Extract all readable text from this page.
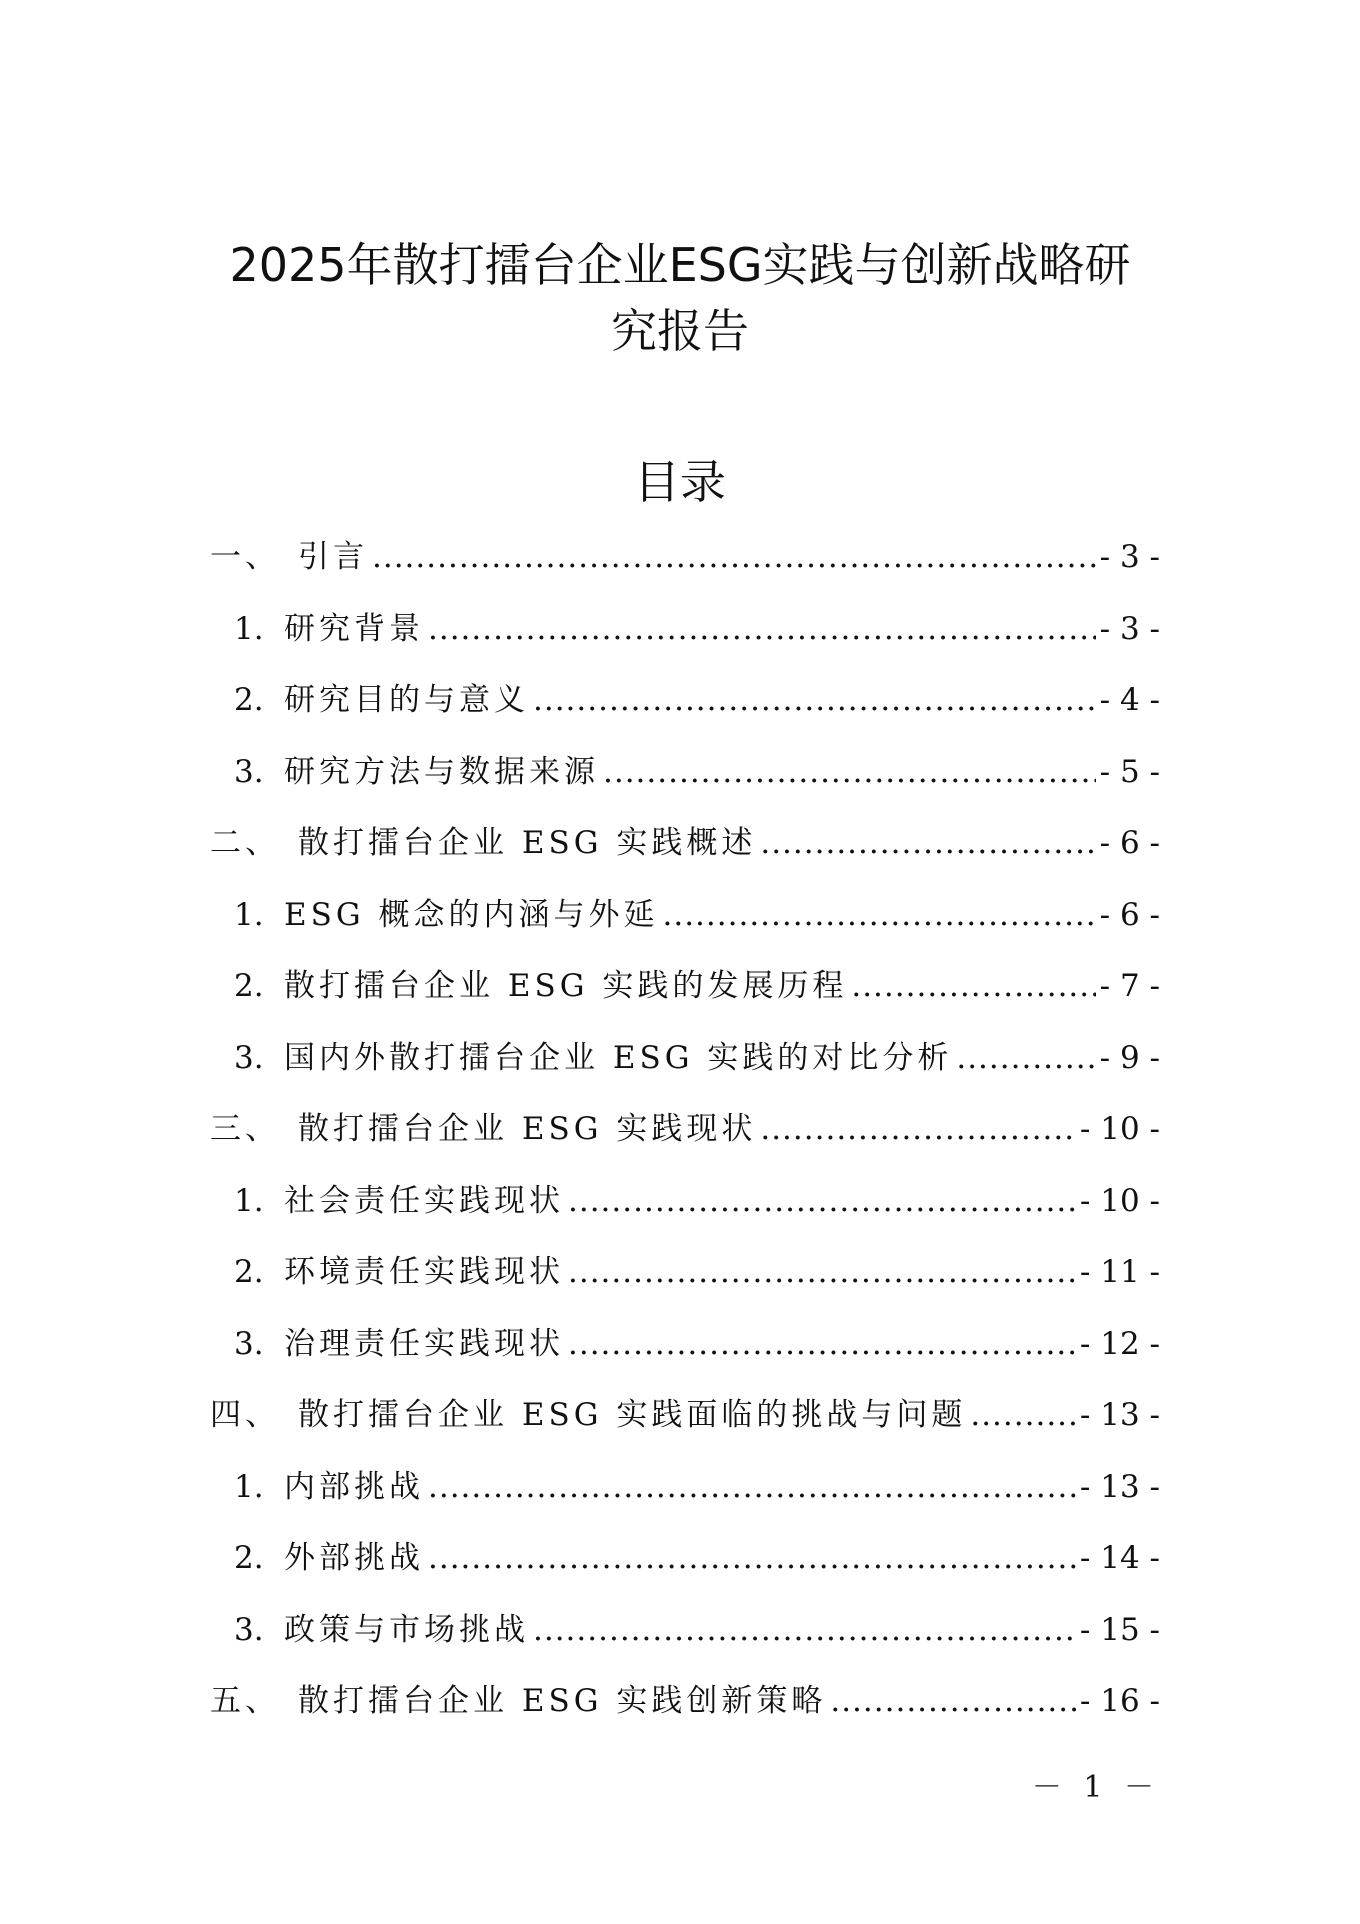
2025年散打擂台企业ESG实践与创新战略研
究报告
目录
一、 引言 .....	- 3 -
1. 研究背景 .....	- 3 -
2. 研究目的与意义 .....	- 4 -
3. 研究方法与数据来源 .....	- 5 -
二、 散打擂台企业 ESG 实践概述 .....	- 6 -
1. ESG 概念的内涵与外延 .....	- 6 -
2. 散打擂台企业 ESG 实践的发展历程 .....	- 7 -
3. 国内外散打擂台企业 ESG 实践的对比分析 .....	- 9 -
三、 散打擂台企业 ESG 实践现状 .....	- 10 -
1. 社会责任实践现状 .....	- 10 -
2. 环境责任实践现状 .....	- 11 -
3. 治理责任实践现状 .....	- 12 -
四、 散打擂台企业 ESG 实践面临的挑战与问题 .....	- 13 -
1. 内部挑战 .....	- 13 -
2. 外部挑战 .....	- 14 -
3. 政策与市场挑战 .....	- 15 -
五、 散打擂台企业 ESG 实践创新策略 .....	- 16 -
－ 1 －
